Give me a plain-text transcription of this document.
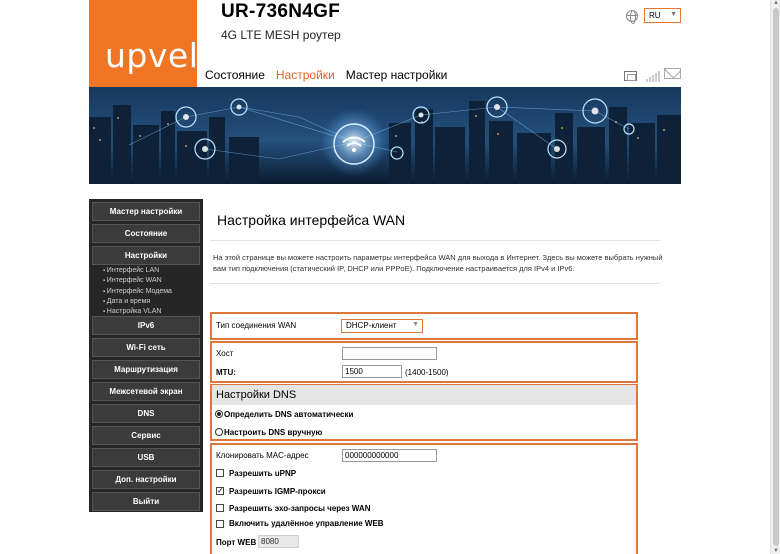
upvel
UR-736N4GF
4G LTE MESH роутер
Состояние Настройки Мастер настройки
RU ▼
Мастер настройки
Состояние
Настройки
▪ Интерфейс LAN
▪ Интерфейс WAN
▪ Интерфейс Модема
▪ Дата и время
▪ Настройка VLAN
IPv6
Wi-Fi сеть
Маршрутизация
Межсетевой экран
DNS
Сервис
USB
Доп. настройки
Выйти
Настройка интерфейса WAN
На этой странице вы можете настроить параметры интерфейса WAN для выхода в Интернет. Здесь вы можете выбрать нужный вам тип подключения (статический IP, DHCP или PPPoE). Подключение настраивается для IPv4 и IPv6.
Тип соединения WAN	DHCP-клиент ▼
Хост
MTU:	1500	(1400-1500)
Настройки DNS
Определить DNS автоматически
Настроить DNS вручную
Клонировать MAC-адрес	000000000000
Разрешить uPNP
✓ Разрешить IGMP-прокси
Разрешить эхо-запросы через WAN
Включить удалённое управление WEB
Порт WEB 8080
▲
▼
